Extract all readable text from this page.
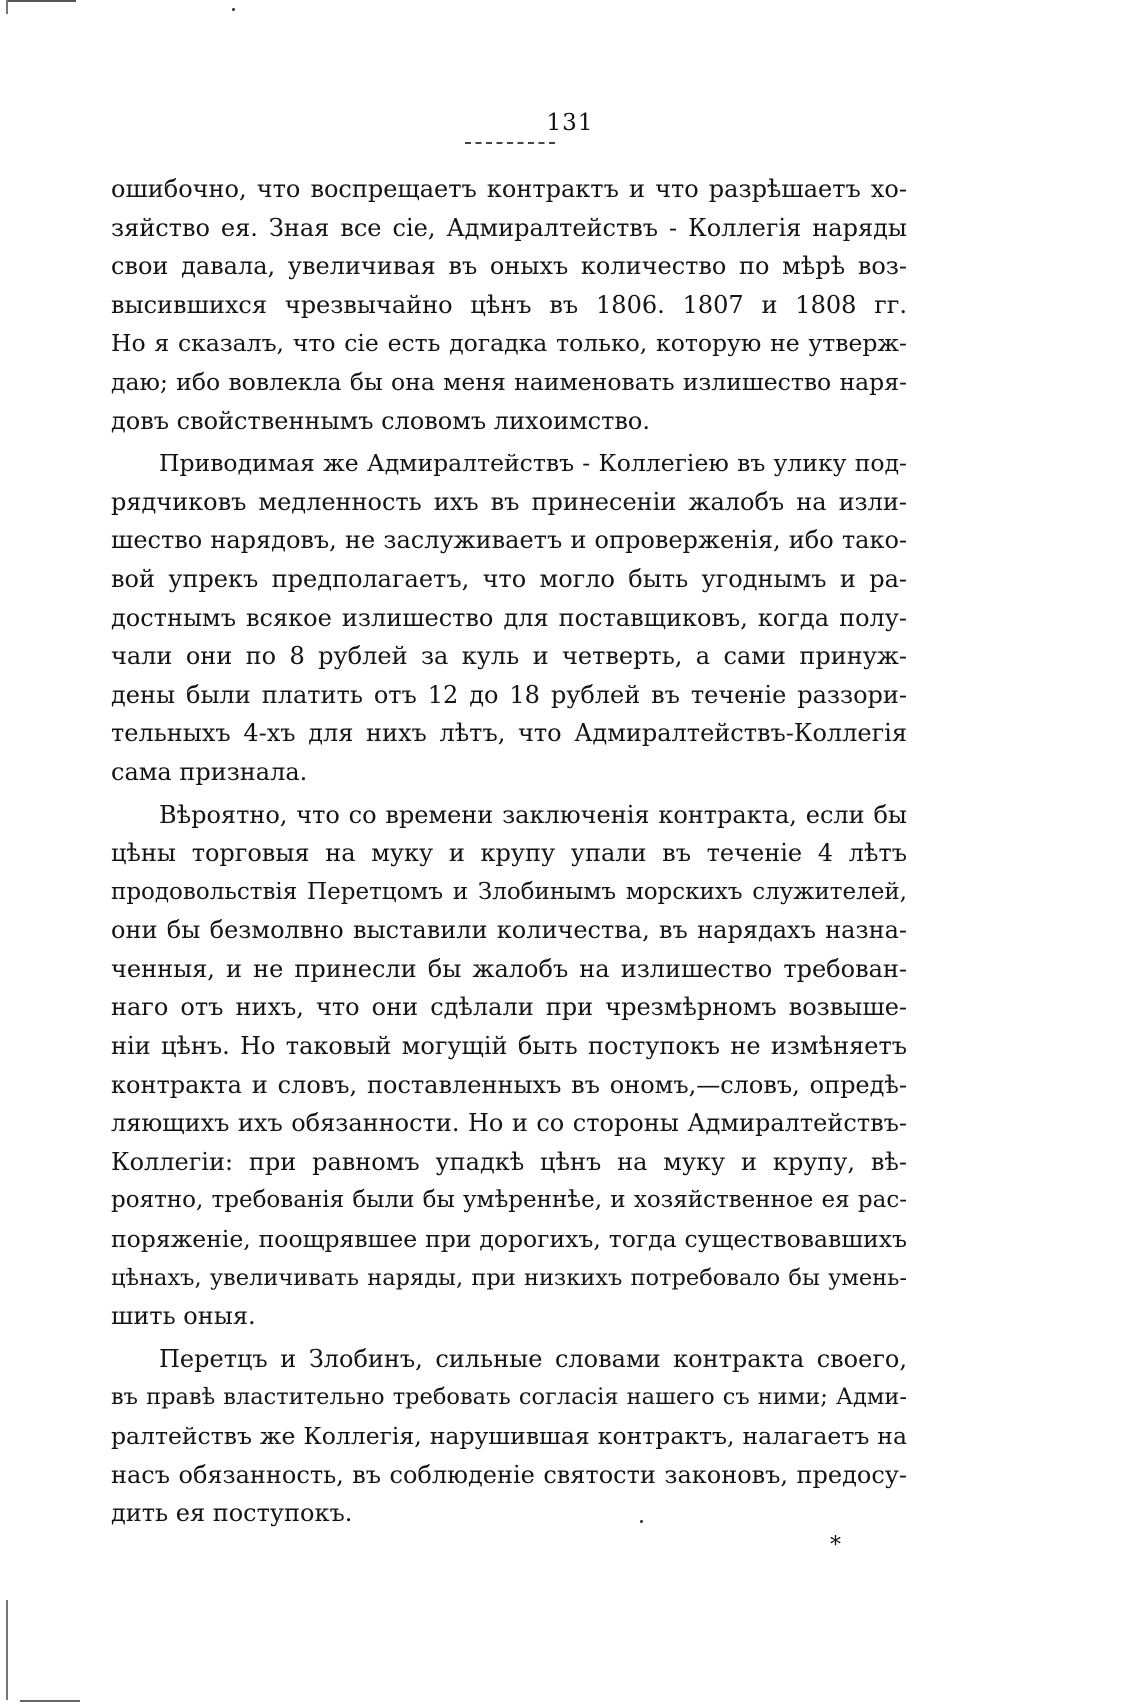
131
ошибочно, что воспрещаетъ контрактъ и что разрѣшаетъ хо-
зяйство ея. Зная все сіе, Адмиралтействъ - Коллегія наряды
свои давала, увеличивая въ оныхъ количество по мѣрѣ воз-
высившихся чрезвычайно цѣнъ въ 1806. 1807 и 1808 гг.
Но я сказалъ, что сіе есть догадка только, которую не утверж-
даю; ибо вовлекла бы она меня наименовать излишество наря-
довъ свойственнымъ словомъ лихоимство.
Приводимая же Адмиралтействъ - Коллегіею въ улику под-
рядчиковъ медленность ихъ въ принесеніи жалобъ на изли-
шество нарядовъ, не заслуживаетъ и опроверженія, ибо тако-
вой упрекъ предполагаетъ, что могло быть угоднымъ и ра-
достнымъ всякое излишество для поставщиковъ, когда полу-
чали они по 8 рублей за куль и четверть, а сами принуж-
дены были платить отъ 12 до 18 рублей въ теченіе раззори-
тельныхъ 4-хъ для нихъ лѣтъ, что Адмиралтействъ-Коллегія
сама признала.
Вѣроятно, что со времени заключенія контракта, если бы
цѣны торговыя на муку и крупу упали въ теченіе 4 лѣтъ
продовольствія Перетцомъ и Злобинымъ морскихъ служителей,
они бы безмолвно выставили количества, въ нарядахъ назна-
ченныя, и не принесли бы жалобъ на излишество требован-
наго отъ нихъ, что они сдѣлали при чрезмѣрномъ возвыше-
ніи цѣнъ. Но таковый могущій быть поступокъ не измѣняетъ
контракта и словъ, поставленныхъ въ ономъ,—словъ, опредѣ-
ляющихъ ихъ обязанности. Но и со стороны Адмиралтействъ-
Коллегіи: при равномъ упадкѣ цѣнъ на муку и крупу, вѣ-
роятно, требованія были бы умѣреннѣе, и хозяйственное ея рас-
поряженіе, поощрявшее при дорогихъ, тогда существовавшихъ
цѣнахъ, увеличивать наряды, при низкихъ потребовало бы умень-
шить оныя.
Перетцъ и Злобинъ, сильные словами контракта своего,
въ правѣ властительно требовать согласія нашего съ ними; Адми-
ралтействъ же Коллегія, нарушившая контрактъ, налагаетъ на
насъ обязанность, въ соблюденіе святости законовъ, предосу-
дить ея поступокъ.
*
